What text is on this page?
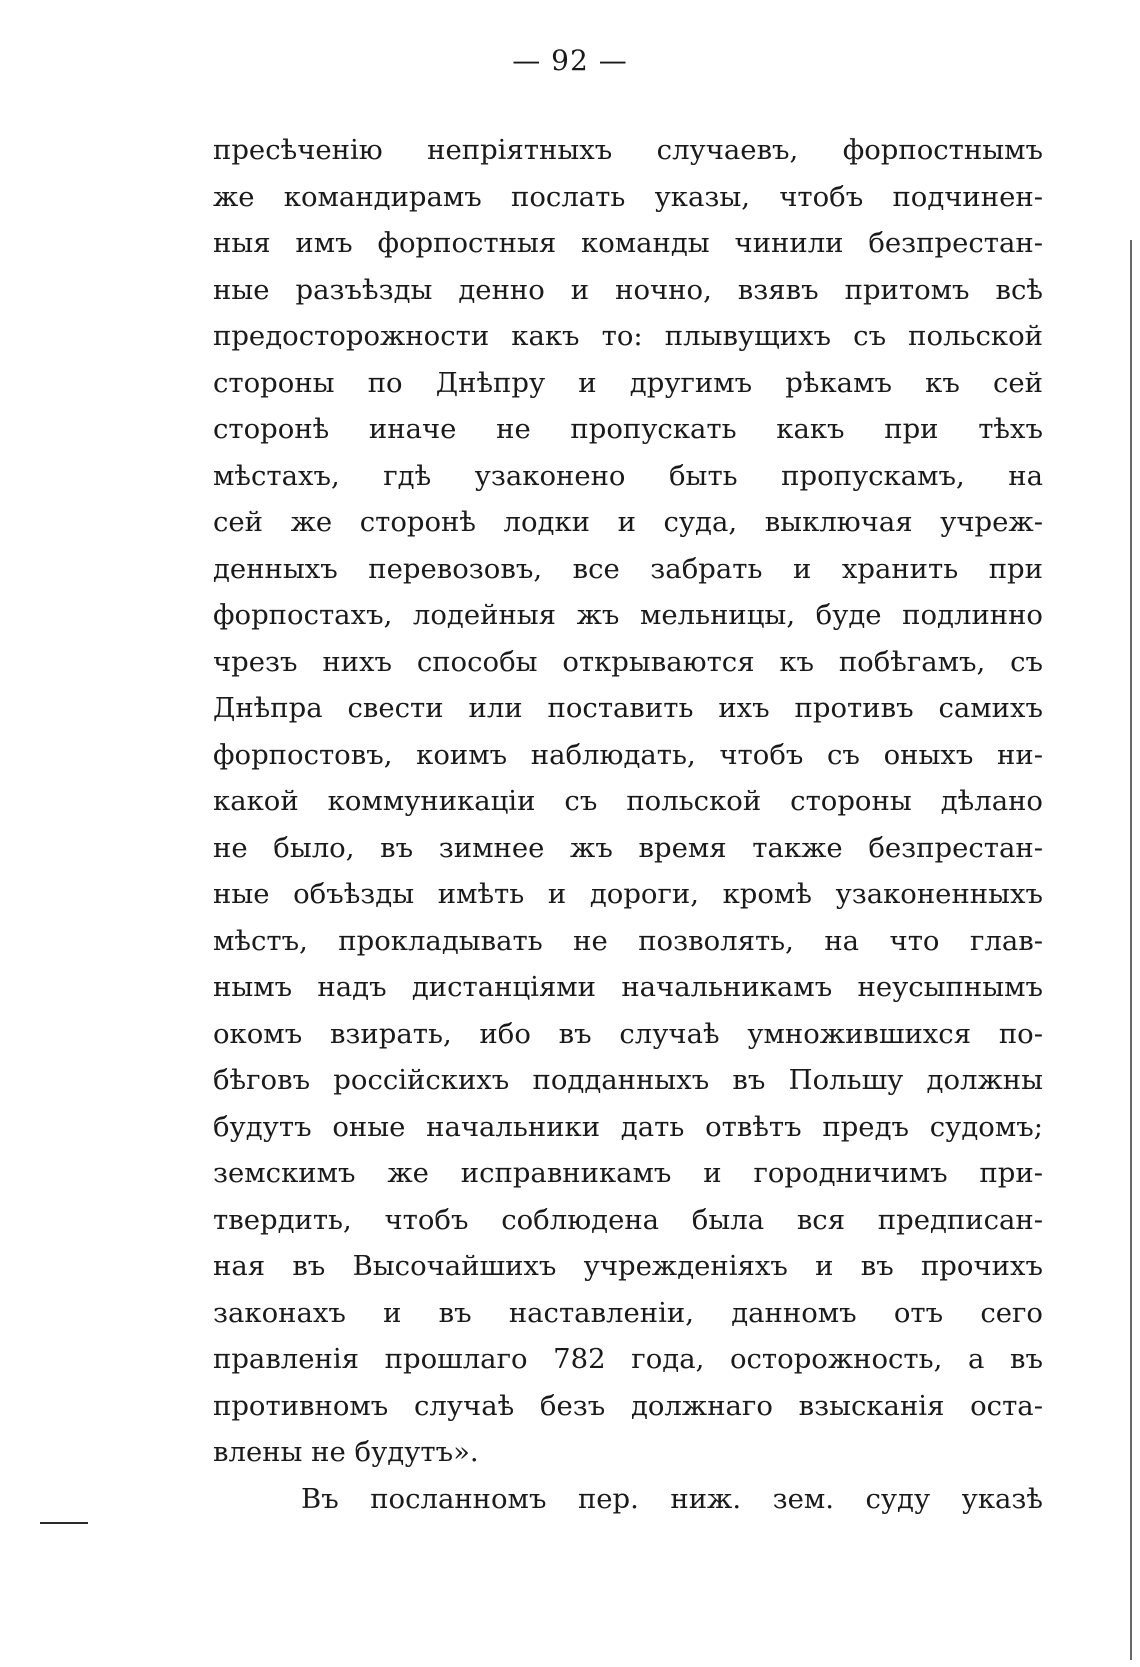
— 92 —
пресѣченію непріятныхъ случаевъ, форпостнымъ
же командирамъ послать указы, чтобъ подчинен-
ныя имъ форпостныя команды чинили безпрестан-
ные разъѣзды денно и ночно, взявъ притомъ всѣ
предосторожности какъ то: плывущихъ съ польской
стороны по Днѣпру и другимъ рѣкамъ къ сей
сторонѣ иначе не пропускать какъ при тѣхъ
мѣстахъ, гдѣ узаконено быть пропускамъ, на
сей же сторонѣ лодки и суда, выключая учреж-
денныхъ перевозовъ, все забрать и хранить при
форпостахъ, лодейныя жъ мельницы, буде подлинно
чрезъ нихъ способы открываются къ побѣгамъ, съ
Днѣпра свести или поставить ихъ противъ самихъ
форпостовъ, коимъ наблюдать, чтобъ съ оныхъ ни-
какой коммуникаціи съ польской стороны дѣлано
не было, въ зимнее жъ время также безпрестан-
ные объѣзды имѣть и дороги, кромѣ узаконенныхъ
мѣстъ, прокладывать не позволять, на что глав-
нымъ надъ дистанціями начальникамъ неусыпнымъ
окомъ взирать, ибо въ случаѣ умножившихся по-
бѣговъ россійскихъ подданныхъ въ Польшу должны
будутъ оные начальники дать отвѣтъ предъ судомъ;
земскимъ же исправникамъ и городничимъ при-
твердить, чтобъ соблюдена была вся предписан-
ная въ Высочайшихъ учрежденіяхъ и въ прочихъ
законахъ и въ наставленіи, данномъ отъ сего
правленія прошлаго 782 года, осторожность, а въ
противномъ случаѣ безъ должнаго взысканія оста-
влены не будутъ».
Въ посланномъ пер. ниж. зем. суду указѣ
